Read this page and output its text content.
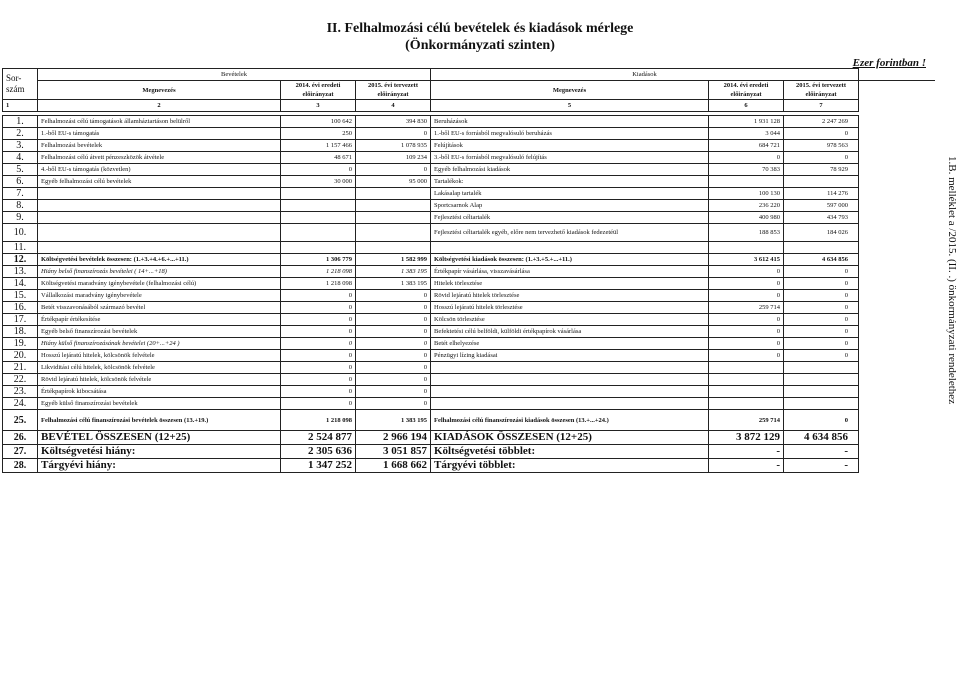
II. Felhalmozási célú bevételek és kiadások mérlege
(Önkormányzati szinten)
Ezer forintban !
1.B. melléklet a /2015. (II. .) önkormányzati rendelethez
Sor- szám	Bevételek			Kiadások			
	Megnevezés	2014. évi eredeti előirányzat	2015. évi tervezett előirányzat	Megnevezés	2014. évi eredeti előirányzat	2015. évi tervezett előirányzat	
1	2	3	4	5	6	7	

1.	Felhalmozási célú támogatások államháztartáson belülről	100 642	394 830	Beruházások	1 931 128	2 247 269	
2.	1.-ből EU-s támogatás	250	0	1.-ből EU-s forrásból megvalósuló beruházás	3 044	0	
3.	Felhalmozási bevételek	1 157 466	1 078 935	Felújítások	684 721	978 563	
4.	Felhalmozási célú átvett pénzeszközök átvétele	48 671	109 234	3.-ből EU-s forrásból megvalósuló felújítás	0	0	
5.	4.-ből EU-s támogatás (közvetlen)	0	0	Egyéb felhalmozási kiadások	70 383	78 929	
6.	Egyéb felhalmozási célú bevételek	30 000	95 000	Tartalékok:			
7.				Lakásalap tartalék	100 130	114 276	
8.				Sportcsarnok Alap	236 220	597 000	
9.				Fejlesztési céltartalék	400 980	434 793	
10.				Fejlesztési céltartalék egyéb, előre nem tervezhető kiadások fedezetéül	188 853	184 026	
11.							
12.	Költségvetési bevételek összesen: (1.+3.+4.+6.+...+11.)	1 306 779	1 582 999	Költségvetési kiadások összesen: (1.+3.+5.+...+11.)	3 612 415	4 634 856	
13.	Hiány belső finanszírozás bevételei ( 14+...+18)	1 218 098	1 383 195	Értékpapír vásárlása, visszavásárlása	0	0	
14.	Költségvetési maradvány igénybevétele (felhalmozási célú)	1 218 098	1 383 195	Hitelek törlesztése	0	0	
15.	Vállalkozási maradvány igénybevétele	0	0	Rövid lejáratú hitelek törlesztése	0	0	
16.	Betét visszavonásából származó bevétel	0	0	Hosszú lejáratú hitelek törlesztése	259 714	0	
17.	Értékpapír értékesítése	0	0	Kölcsön törlesztése	0	0	
18.	Egyéb belső finanszírozási bevételek	0	0	Befektetési célú belföldi, külföldi értékpapírok vásárlása	0	0	
19.	Hiány külső finanszírozásának bevételei (20+...+24 )	0	0	Betét elhelyezése	0	0	
20.	Hosszú lejáratú hitelek, kölcsönök felvétele	0	0	Pénzügyi lízing kiadásai	0	0	
21.	Likviditási célú hitelek, kölcsönök felvétele	0	0				
22.	Rövid lejáratú hitelek, kölcsönök felvétele	0	0				
23.	Értékpapírok kibocsátása	0	0				
24.	Egyéb külső finanszírozási bevételek	0	0				
25.	Felhalmozási célú finanszírozási bevételek összesen (13.+19.)	1 218 098	1 383 195	Felhalmozási célú finanszírozási kiadások összesen (13.+...+24.)	259 714	0	
26.	BEVÉTEL ÖSSZESEN (12+25)	2 524 877	2 966 194	KIADÁSOK ÖSSZESEN (12+25)	3 872 129	4 634 856	
27.	Költségvetési hiány:	2 305 636	3 051 857	Költségvetési többlet:	-	-	
28.	Tárgyévi hiány:	1 347 252	1 668 662	Tárgyévi többlet:	-	-	
